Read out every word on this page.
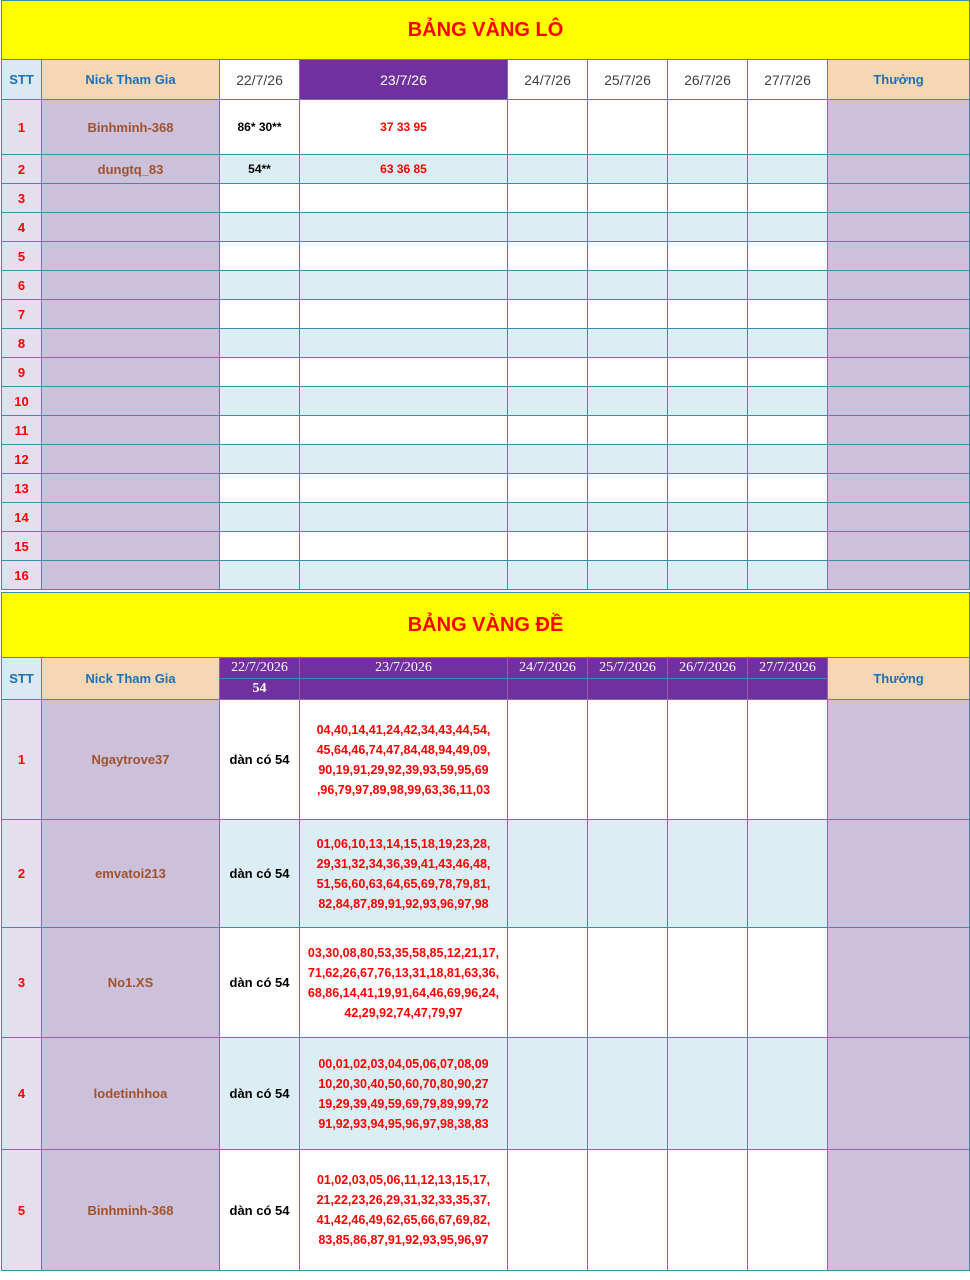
BẢNG VÀNG LÔ								
STT	Nick Tham Gia	22/7/26	23/7/26	24/7/26	25/7/26	26/7/26	27/7/26	Thưởng
1	Binhminh-368	86* 30**	37 33 95					
2	dungtq_83	54**	63 36 85					
3								
4								
5								
6								
7								
8								
9								
10								
11								
12								
13								
14								
15								
16								
BẢNG VÀNG ĐỀ								
STT	Nick Tham Gia	22/7/2026	23/7/2026	24/7/2026	25/7/2026	26/7/2026	27/7/2026	Thưởng
		54						
1	Ngaytrove37	dàn có 54	04,40,14,41,24,42,34,43,44,54,
45,64,46,74,47,84,48,94,49,09,
90,19,91,29,92,39,93,59,95,69
,96,79,97,89,98,99,63,36,11,03					

2	emvatoi213	dàn có 54	01,06,10,13,14,15,18,19,23,28,
29,31,32,34,36,39,41,43,46,48,
51,56,60,63,64,65,69,78,79,81,
82,84,87,89,91,92,93,96,97,98					

3	No1.XS	dàn có 54	03,30,08,80,53,35,58,85,12,21,17,
71,62,26,67,76,13,31,18,81,63,36,
68,86,14,41,19,91,64,46,69,96,24,
42,29,92,74,47,79,97					

4	lodetinhhoa	dàn có 54	00,01,02,03,04,05,06,07,08,09
10,20,30,40,50,60,70,80,90,27
19,29,39,49,59,69,79,89,99,72
91,92,93,94,95,96,97,98,38,83					

5	Binhminh-368	dàn có 54	01,02,03,05,06,11,12,13,15,17,
21,22,23,26,29,31,32,33,35,37,
41,42,46,49,62,65,66,67,69,82,
83,85,86,87,91,92,93,95,96,97					
